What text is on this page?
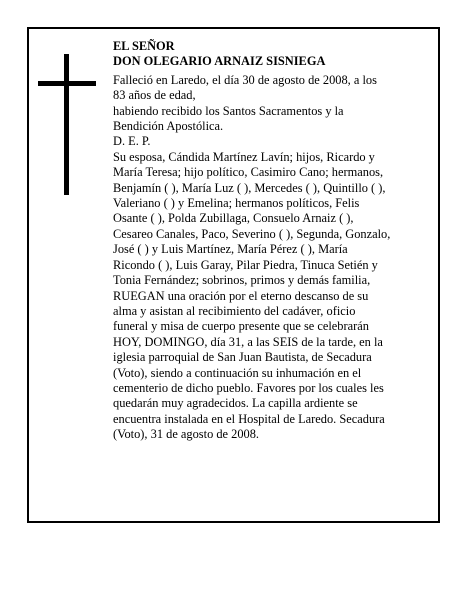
EL SEÑOR
DON OLEGARIO ARNAIZ SISNIEGA
Falleció en Laredo, el día 30 de agosto de 2008, a los
83 años de edad,
habiendo recibido los Santos Sacramentos y la
Bendición Apostólica.
D. E. P.
Su esposa, Cándida Martínez Lavín; hijos, Ricardo y
María Teresa; hijo político, Casimiro Cano; hermanos,
Benjamín ( ), María Luz ( ), Mercedes ( ), Quintillo ( ),
Valeriano ( ) y Emelina; hermanos políticos, Felis
Osante ( ), Polda Zubillaga, Consuelo Arnaiz ( ),
Cesareo Canales, Paco, Severino ( ), Segunda, Gonzalo,
José ( ) y Luis Martínez, María Pérez ( ), María
Ricondo ( ), Luis Garay, Pilar Piedra, Tinuca Setién y
Tonia Fernández; sobrinos, primos y demás familia,
RUEGAN una oración por el eterno descanso de su
alma y asistan al recibimiento del cadáver, oficio
funeral y misa de cuerpo presente que se celebrarán
HOY, DOMINGO, día 31, a las SEIS de la tarde, en la
iglesia parroquial de San Juan Bautista, de Secadura
(Voto), siendo a continuación su inhumación en el
cementerio de dicho pueblo. Favores por los cuales les
quedarán muy agradecidos. La capilla ardiente se
encuentra instalada en el Hospital de Laredo. Secadura
(Voto), 31 de agosto de 2008.
